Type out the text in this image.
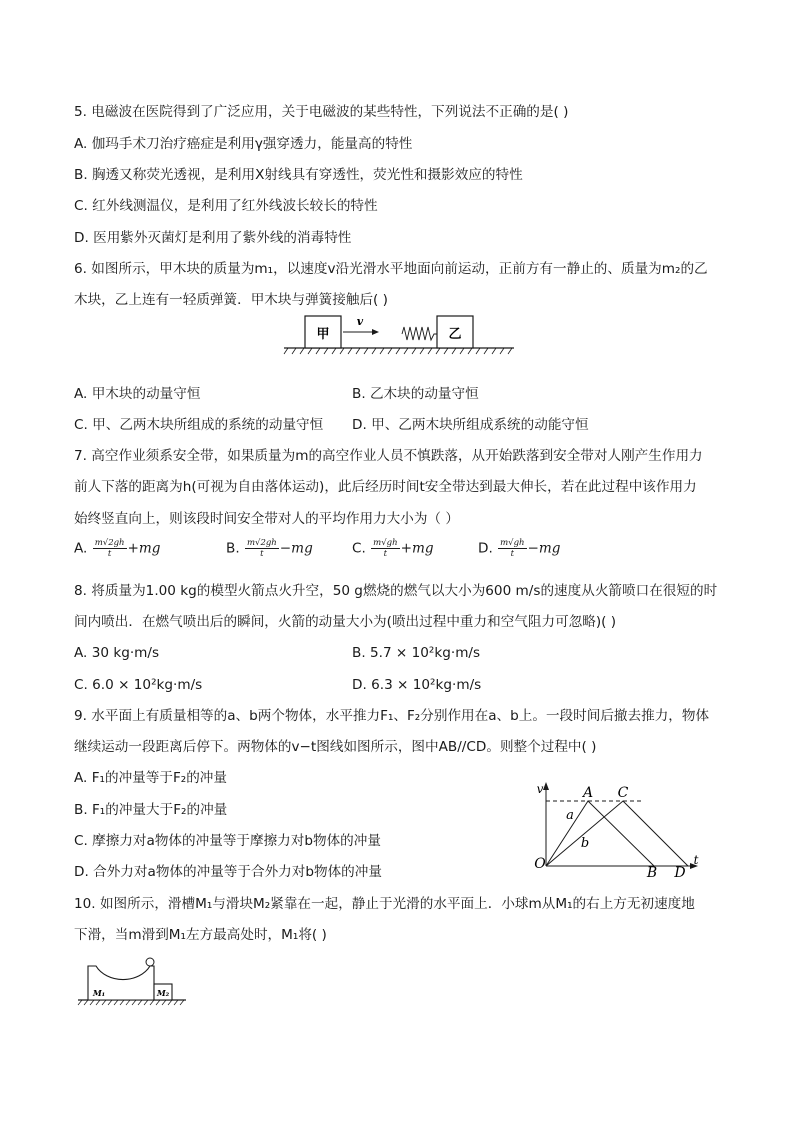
5. 电磁波在医院得到了广泛应用，关于电磁波的某些特性，下列说法不正确的是( )
A. 伽玛手术刀治疗癌症是利用γ强穿透力，能量高的特性
B. 胸透又称荧光透视，是利用X射线具有穿透性，荧光性和摄影效应的特性
C. 红外线测温仪，是利用了红外线波长较长的特性
D. 医用紫外灭菌灯是利用了紫外线的消毒特性
6. 如图所示，甲木块的质量为m₁，以速度v沿光滑水平地面向前运动，正前方有一静止的、质量为m₂的乙
木块，乙上连有一轻质弹簧．甲木块与弹簧接触后( )
甲
v
乙
A. 甲木块的动量守恒	B. 乙木块的动量守恒
C. 甲、乙两木块所组成的系统的动量守恒 D. 甲、乙两木块所组成系统的动能守恒
7. 高空作业须系安全带，如果质量为m的高空作业人员不慎跌落，从开始跌落到安全带对人刚产生作用力
前人下落的距离为h(可视为自由落体运动)，此后经历时间t安全带达到最大伸长，若在此过程中该作用力
始终竖直向上，则该段时间安全带对人的平均作用力大小为（ ）
A. $\frac{m√2gh}{t} +mg$	B. $\frac{m√2gh}{t} -mg$	C. $\frac{m√gh}{t} +mg$	D. $\frac{m√gh}{t} -mg$
8. 将质量为1.00 kg的模型火箭点火升空，50 g燃烧的燃气以大小为600 m/s的速度从火箭喷口在很短的时
间内喷出．在燃气喷出后的瞬间，火箭的动量大小为(喷出过程中重力和空气阻力可忽略)( )
A. 30 kg·m/s	B. 5.7 × 10²kg·m/s
C. 6.0 × 10²kg·m/s	D. 6.3 × 10²kg·m/s
9. 水平面上有质量相等的a、b两个物体，水平推力F₁、F₂分别作用在a、b上。一段时间后撤去推力，物体
继续运动一段距离后停下。两物体的v−t图线如图所示，图中AB//CD。则整个过程中( )
A. F₁的冲量等于F₂的冲量
B. F₁的冲量大于F₂的冲量
C. 摩擦力对a物体的冲量等于摩擦力对b物体的冲量
D. 合外力对a物体的冲量等于合外力对b物体的冲量
v
t
O
A C
B D
a
b
10. 如图所示，滑槽M₁与滑块M₂紧靠在一起，静止于光滑的水平面上．小球m从M₁的右上方无初速度地
下滑，当m滑到M₁左方最高处时，M₁将( )
M₁	M₂
